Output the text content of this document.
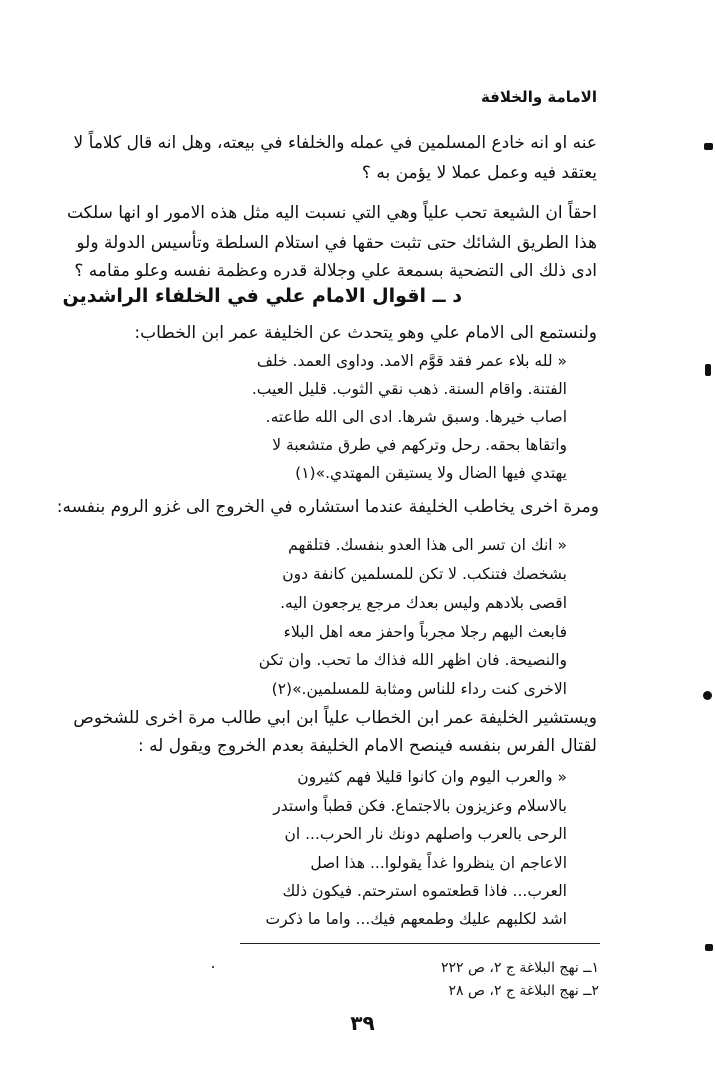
الامامة والخلافة
عنه او انه خادع المسلمين في عمله والخلفاء في بيعته، وهل انه قال كلاماً لا
يعتقد فيه وعمل عملا لا يؤمن به ؟
احقاً ان الشيعة تحب علياً وهي التي نسبت اليه مثل هذه الامور او انها سلكت
هذا الطريق الشائك حتى تثبت حقها في استلام السلطة وتأسيس الدولة ولو
ادى ذلك الى التضحية بسمعة علي وجلالة قدره وعظمة نفسه وعلو مقامه ؟
د ــ اقوال الامام علي في الخلفاء الراشدين
ولنستمع الى الامام علي وهو يتحدث عن الخليفة عمر ابن الخطاب:
« لله بلاء عمر فقد قوَّم الامد. وداوى العمد. خلف
الفتنة. واقام السنة. ذهب نقي الثوب. قليل العيب.
اصاب خيرها. وسبق شرها. ادى الى الله طاعته.
واتقاها بحقه. رحل وتركهم في طرق متشعبة لا
يهتدي فيها الضال ولا يستيقن المهتدي.»(١)
ومرة اخرى يخاطب الخليفة عندما استشاره في الخروج الى غزو الروم بنفسه:
« انك ان تسر الى هذا العدو بنفسك. فتلقهم
بشخصك فتنكب. لا تكن للمسلمين كانفة دون
اقصى بلادهم وليس بعدك مرجع يرجعون اليه.
فابعث اليهم رجلا مجرباً واحفز معه اهل البلاء
والنصيحة. فان اظهر الله فذاك ما تحب. وان تكن
الاخرى كنت رداء للناس ومثابة للمسلمين.»(٢)
ويستشير الخليفة عمر ابن الخطاب علياً ابن ابي طالب مرة اخرى للشخوص
لقتال الفرس بنفسه فينصح الامام الخليفة بعدم الخروج ويقول له :
« والعرب اليوم وان كانوا قليلا فهم كثيرون
بالاسلام وعزيزون بالاجتماع. فكن قطباً واستدر
الرحى بالعرب واصلهم دونك نار الحرب... ان
الاعاجم ان ينظروا غداً يقولوا... هذا اصل
العرب... فاذا قطعتموه استرحتم. فيكون ذلك
اشد لكلبهم عليك وطمعهم فيك... واما ما ذكرت
١ــ نهج البلاغة ج ٢، ص ٢٢٢
٢ــ نهج البلاغة ج ٢، ص ٢٨
٣٩
